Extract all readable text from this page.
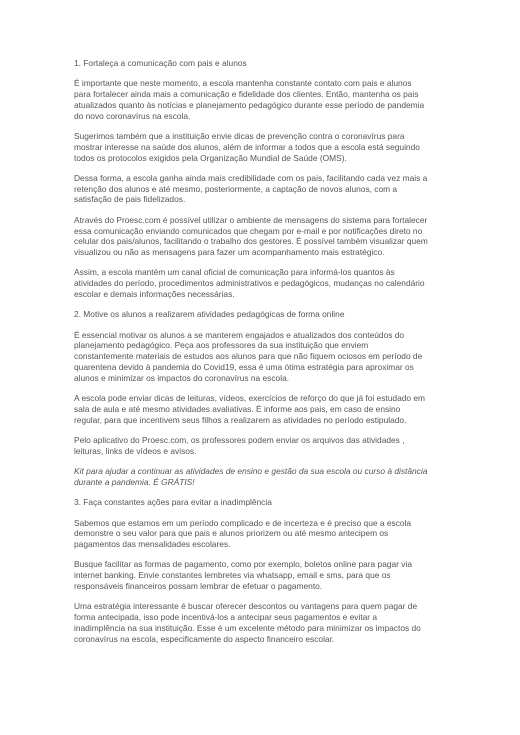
1. Fortaleça a comunicação com pais e alunos
É importante que neste momento, a escola mantenha constante contato com pais e alunos
para fortalecer ainda mais a comunicação e fidelidade dos clientes. Então, mantenha os pais
atualizados quanto às notícias e planejamento pedagógico durante esse período de pandemia
do novo coronavírus na escola.
Sugerimos também que a instituição envie dicas de prevenção contra o coronavírus para
mostrar interesse na saúde dos alunos, além de informar a todos que a escola está seguindo
todos os protocolos exigidos pela Organização Mundial de Saúde (OMS).
Dessa forma, a escola ganha ainda mais credibilidade com os pais, facilitando cada vez mais a
retenção dos alunos e até mesmo, posteriormente, a captação de novos alunos, com a
satisfação de pais fidelizados.
Através do Proesc.com é possível utilizar o ambiente de mensagens do sistema para fortalecer
essa comunicação enviando comunicados que chegam por e-mail e por notificações direto no
celular dos pais/alunos, facilitando o trabalho dos gestores. É possível também visualizar quem
visualizou ou não as mensagens para fazer um acompanhamento mais estratégico.
Assim, a escola mantém um canal oficial de comunicação para informá-los quantos às
atividades do período, procedimentos administrativos e pedagógicos, mudanças no calendário
escolar e demais informações necessárias.
2. Motive os alunos a realizarem atividades pedagógicas de forma online
É essencial motivar os alunos a se manterem engajados e atualizados dos conteúdos do
planejamento pedagógico. Peça aos professores da sua instituição que enviem
constantemente materiais de estudos aos alunos para que não fiquem ociosos em período de
quarentena devido à pandemia do Covid19, essa é uma ótima estratégia para aproximar os
alunos e minimizar os impactos do coronavírus na escola.
A escola pode enviar dicas de leituras, vídeos, exercícios de reforço do que já foi estudado em
sala de aula e até mesmo atividades avaliativas. É informe aos pais, em caso de ensino
regular, para que incentivem seus filhos a realizarem as atividades no período estipulado.
Pelo aplicativo do Proesc.com, os professores podem enviar os arquivos das atividades ,
leituras, links de vídeos e avisos.
Kit para ajudar a continuar as atividades de ensino e gestão da sua escola ou curso à distância
durante a pandemia. É GRÁTIS!
3. Faça constantes ações para evitar a inadimplência
Sabemos que estamos em um período complicado e de incerteza e é preciso que a escola
demonstre o seu valor para que pais e alunos priorizem ou até mesmo antecipem os
pagamentos das mensalidades escolares.
Busque facilitar as formas de pagamento, como por exemplo, boletos online para pagar via
internet banking. Envie constantes lembretes via whatsapp, email e sms, para que os
responsáveis financeiros possam lembrar de efetuar o pagamento.
Uma estratégia interessante é buscar oferecer descontos ou vantagens para quem pagar de
forma antecipada, isso pode incentivá-los a antecipar seus pagamentos e evitar a
inadimplência na sua instituição. Esse é um excelente método para minimizar os impactos do
coronavírus na escola, especificamente do aspecto financeiro escolar.
